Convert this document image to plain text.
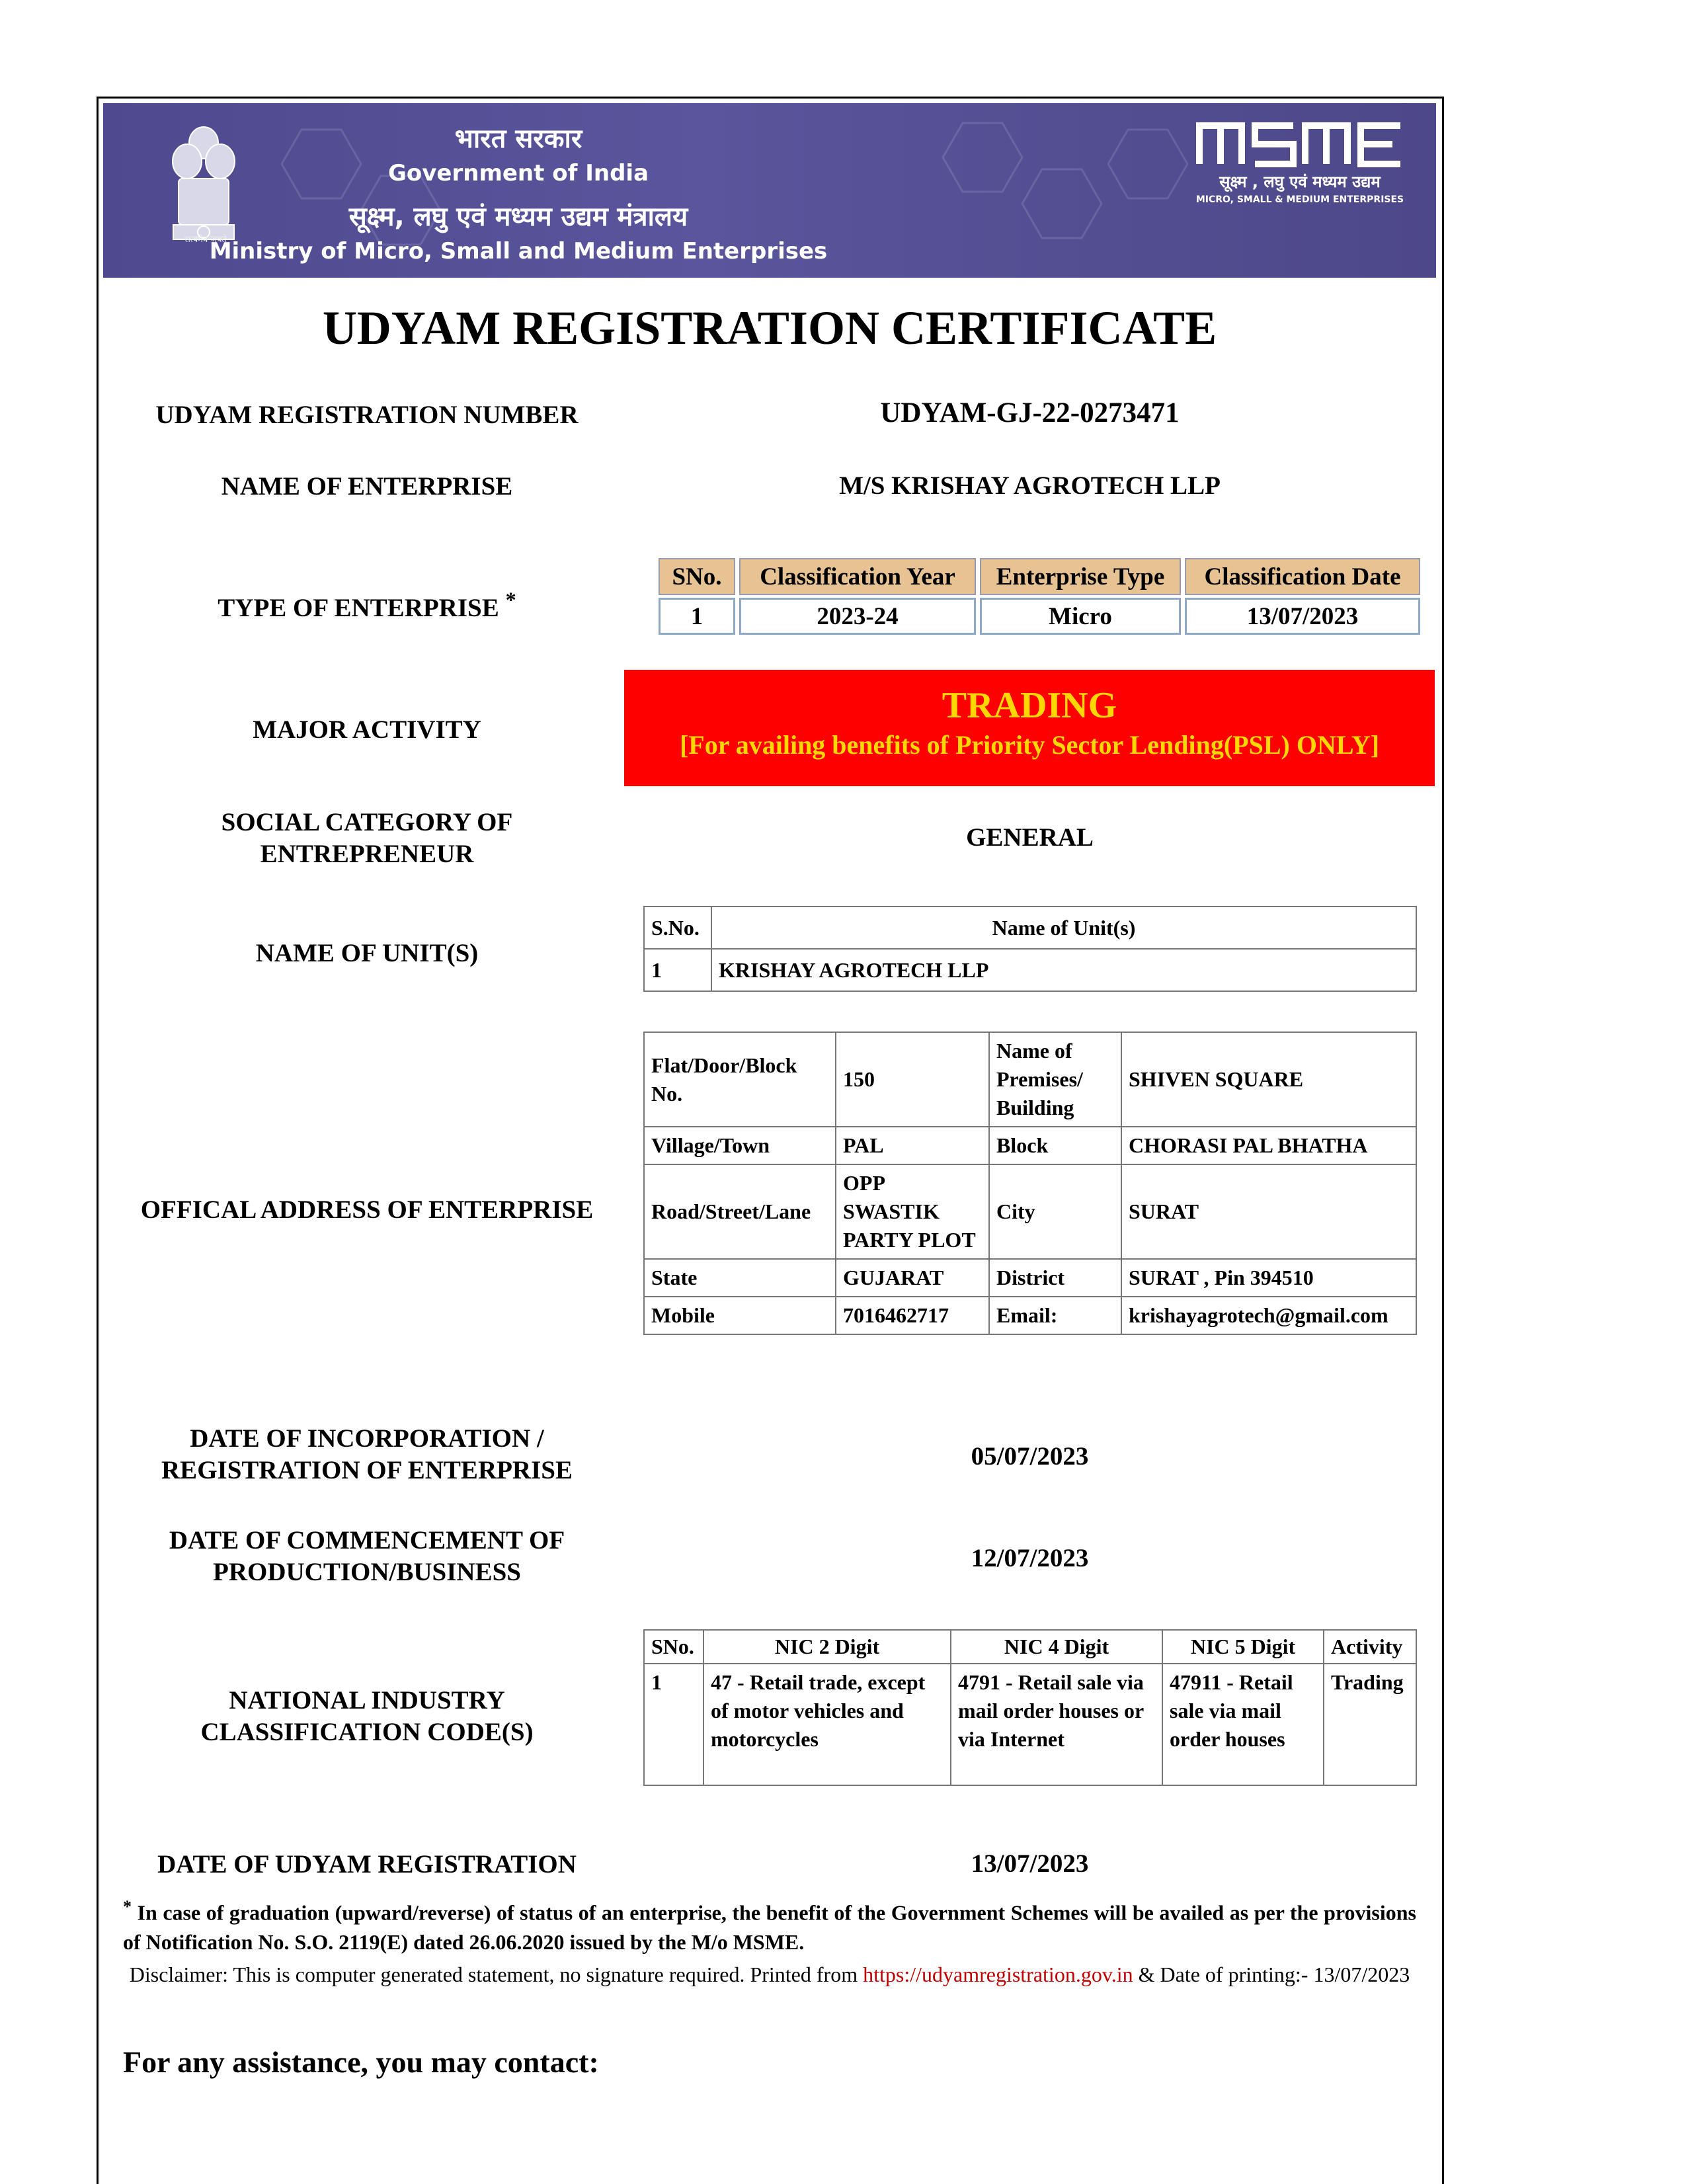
सत्यमेव जयते
भारत सरकार
Government of India
सूक्ष्म, लघु एवं मध्यम उद्यम मंत्रालय
Ministry of Micro, Small and Medium Enterprises
सूक्ष्म , लघु एवं मध्यम उद्यम
MICRO, SMALL & MEDIUM ENTERPRISES
UDYAM REGISTRATION CERTIFICATE
UDYAM REGISTRATION NUMBER	UDYAM-GJ-22-0273471
NAME OF ENTERPRISE	M/S KRISHAY AGROTECH LLP
TYPE OF ENTERPRISE *
SNo.	Classification Year	Enterprise Type	Classification Date
1	2023-24	Micro	13/07/2023
MAJOR ACTIVITY
TRADING
[For availing benefits of Priority Sector Lending(PSL) ONLY]
SOCIAL CATEGORY OF
ENTREPRENEUR
GENERAL
NAME OF UNIT(S)
S.No.	Name of Unit(s)
1	KRISHAY AGROTECH LLP
OFFICAL ADDRESS OF ENTERPRISE
Flat/Door/Block No.	150	Name of Premises/ Building	SHIVEN SQUARE
Village/Town	PAL	Block	CHORASI PAL BHATHA
Road/Street/Lane	OPP SWASTIK PARTY PLOT	City	SURAT
State	GUJARAT	District	SURAT , Pin 394510
Mobile	7016462717	Email:	krishayagrotech@gmail.com
DATE OF INCORPORATION /
REGISTRATION OF ENTERPRISE	05/07/2023
DATE OF COMMENCEMENT OF
PRODUCTION/BUSINESS	12/07/2023
NATIONAL INDUSTRY
CLASSIFICATION CODE(S)
SNo.	NIC 2 Digit	NIC 4 Digit	NIC 5 Digit	Activity
1	47 - Retail trade, except of motor vehicles and motorcycles	4791 - Retail sale via mail order houses or via Internet	47911 - Retail sale via mail order houses	Trading
DATE OF UDYAM REGISTRATION	13/07/2023
* In case of graduation (upward/reverse) of status of an enterprise, the benefit of the Government Schemes will be availed as per the provisions of Notification No. S.O. 2119(E) dated 26.06.2020 issued by the M/o MSME.
Disclaimer: This is computer generated statement, no signature required. Printed from https://udyamregistration.gov.in & Date of printing:- 13/07/2023
For any assistance, you may contact:
